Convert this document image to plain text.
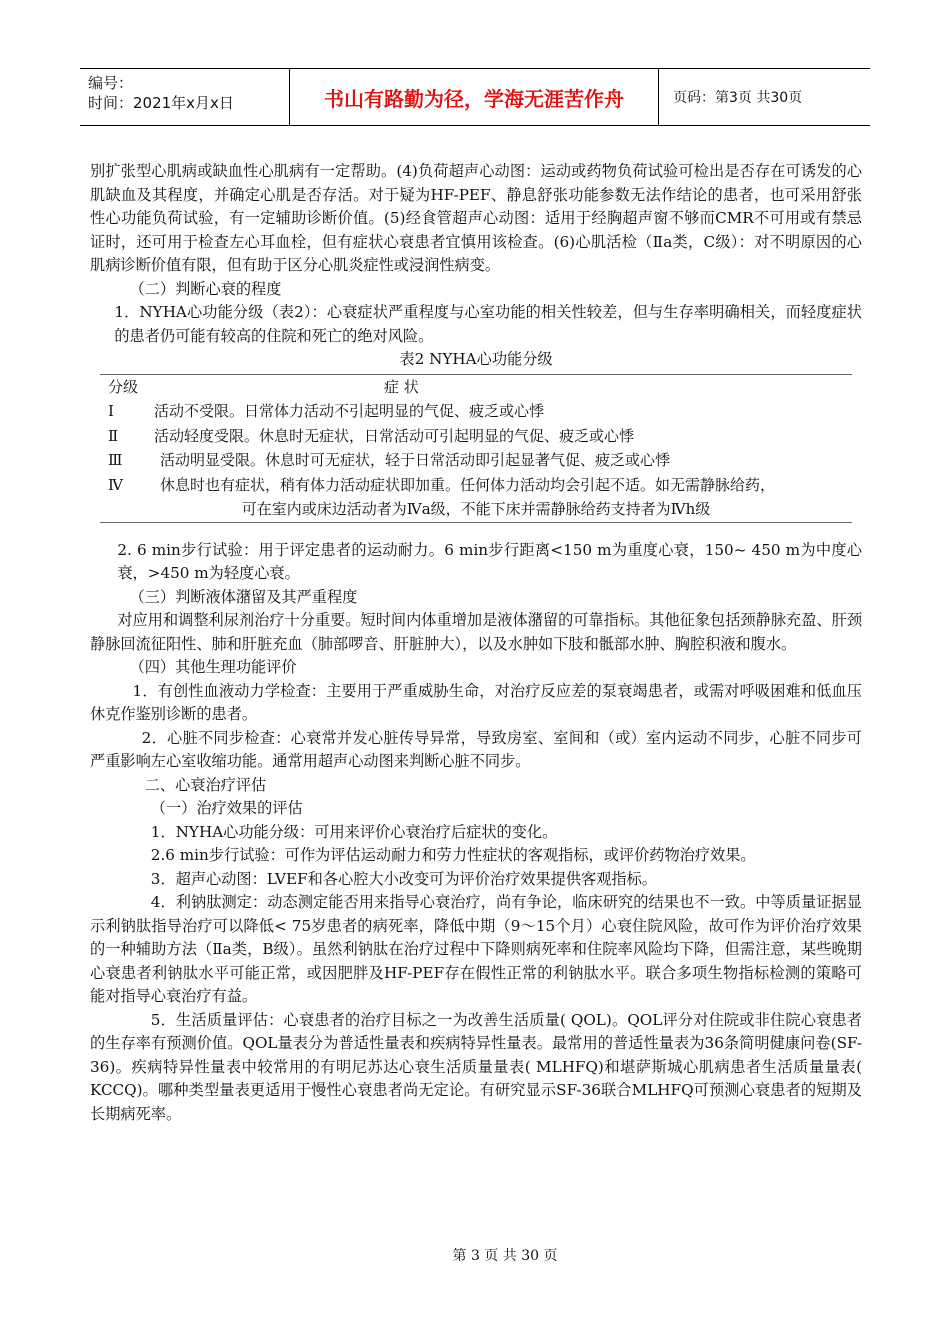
编号：
时间：2021年x月x日	书山有路勤为径，学海无涯苦作舟	页码：第3页 共30页

别扩张型心肌病或缺血性心肌病有一定帮助。(4)负荷超声心动图：运动或药物负荷试验可检出是否存在可诱发的心肌缺血及其程度，并确定心肌是否存活。对于疑为HF-PEF、静息舒张功能参数无法作结论的患者，也可采用舒张性心功能负荷试验，有一定辅助诊断价值。(5)经食管超声心动图：适用于经胸超声窗不够而CMR不可用或有禁忌证时，还可用于检查左心耳血栓，但有症状心衰患者宜慎用该检查。(6)心肌活检（Ⅱa类，C级）：对不明原因的心肌病诊断价值有限，但有助于区分心肌炎症性或浸润性病变。

（二）判断心衰的程度

1．NYHA心功能分级（表2）：心衰症状严重程度与心室功能的相关性较差，但与生存率明确相关，而轻度症状的患者仍可能有较高的住院和死亡的绝对风险。

表2 NYHA心功能分级

分级	症 状
Ⅰ	活动不受限。日常体力活动不引起明显的气促、疲乏或心悸
Ⅱ	活动轻度受限。休息时无症状，日常活动可引起明显的气促、疲乏或心悸
Ⅲ	活动明显受限。休息时可无症状，轻于日常活动即引起显著气促、疲乏或心悸
Ⅳ	休息时也有症状，稍有体力活动症状即加重。任何体力活动均会引起不适。如无需静脉给药，
可在室内或床边活动者为Ⅳa级，不能下床并需静脉给药支持者为Ⅳh级	

2. 6 min步行试验：用于评定患者的运动耐力。6 min步行距离<150 m为重度心衰，150~ 450 m为中度心衰，>450 m为轻度心衰。

（三）判断液体潴留及其严重程度

对应用和调整利尿剂治疗十分重要。短时间内体重增加是液体潴留的可靠指标。其他征象包括颈静脉充盈、肝颈静脉回流征阳性、肺和肝脏充血（肺部啰音、肝脏肿大），以及水肿如下肢和骶部水肿、胸腔积液和腹水。

（四）其他生理功能评价

1．有创性血液动力学检查：主要用于严重威胁生命，对治疗反应差的泵衰竭患者，或需对呼吸困难和低血压休克作鉴别诊断的患者。

2．心脏不同步检查：心衰常并发心脏传导异常，导致房室、室间和（或）室内运动不同步，心脏不同步可严重影响左心室收缩功能。通常用超声心动图来判断心脏不同步。

二、心衰治疗评估

（一）治疗效果的评估

1．NYHA心功能分级：可用来评价心衰治疗后症状的变化。

2.6 min步行试验：可作为评估运动耐力和劳力性症状的客观指标，或评价药物治疗效果。

3．超声心动图：LVEF和各心腔大小改变可为评价治疗效果提供客观指标。

4．利钠肽测定：动态测定能否用来指导心衰治疗，尚有争论，临床研究的结果也不一致。中等质量证据显示利钠肽指导治疗可以降低< 75岁患者的病死率，降低中期（9～15个月）心衰住院风险，故可作为评价治疗效果的一种辅助方法（Ⅱa类，B级）。虽然利钠肽在治疗过程中下降则病死率和住院率风险均下降，但需注意，某些晚期心衰患者利钠肽水平可能正常，或因肥胖及HF-PEF存在假性正常的利钠肽水平。联合多项生物指标检测的策略可能对指导心衰治疗有益。

5．生活质量评估：心衰患者的治疗目标之一为改善生活质量( QOL)。QOL评分对住院或非住院心衰患者的生存率有预测价值。QOL量表分为普适性量表和疾病特异性量表。最常用的普适性量表为36条简明健康问卷(SF-36)。疾病特异性量表中较常用的有明尼苏达心衰生活质量量表( MLHFQ)和堪萨斯城心肌病患者生活质量量表( KCCQ)。哪种类型量表更适用于慢性心衰患者尚无定论。有研究显示SF-36联合MLHFQ可预测心衰患者的短期及长期病死率。

第 3 页 共 30 页
